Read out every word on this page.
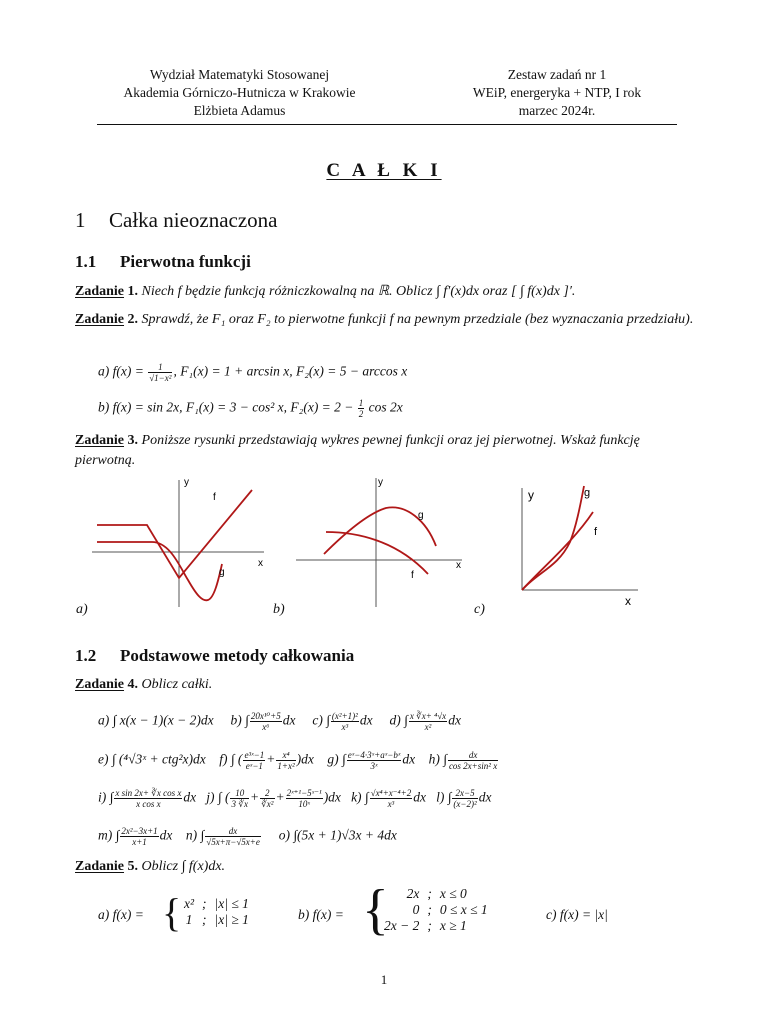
Wydział Matematyki Stosowanej
Akademia Górniczo-Hutnicza w Krakowie
Elżbieta Adamus
Zestaw zadań nr 1
WEiP, energeryka + NTP, I rok
marzec 2024r.
C A Ł K I
1 Całka nieoznaczona
1.1 Pierwotna funkcji
Zadanie 1. Niech f będzie funkcją różniczkowalną na ℝ. Oblicz ∫ f′(x)dx oraz [ ∫ f(x)dx ]′.
Zadanie 2. Sprawdź, że F₁ oraz F₂ to pierwotne funkcji f na pewnym przedziale (bez wyznaczania przedziału).
a) $f(x) = \frac{1}{\text{√1−x²}}$ , F₁(x) = 1 + arcsin x, F₂(x) = 5 − arccos x
b) f(x) = sin 2x, F₁(x) = 3 − cos² x, $F_2(x) = 2 - \frac{1}{2}$ cos 2x
Zadanie 3. Poniższe rysunki przedstawiają wykres pewnej funkcji oraz jej pierwotnej. Wskaż funkcję pierwotną.
y
x
f
g
a)
y
x
g
f
b)
y
x
g
f
c)
1.2 Podstawowe metody całkowania
Zadanie 4. Oblicz całki.
a) ∫ x(x − 1)(x − 2)dx b) ∫ $\frac{\text{20x¹⁰+5}}{\text{x⁶}}$ dx c) ∫ $\frac{\text{(x²+1)²}}{\text{x³}}$ dx d) ∫ $\frac{\text{x ∛x+ ⁴√x}}{\text{x²}}$ dx
e) ∫ (⁴√3ˣ + ctg²x)dx f) ∫ ( $\frac{\text{e³ˣ−1}}{\text{eˣ−1}} + \frac{\text{x⁴}}{\text{1+x²}} )dx$ g) ∫ $\frac{\text{eˣ−4·3ˣ+aˣ−bˣ}}{\text{3ˣ}}$ dx h) ∫ $\frac{dx}{\text{cos 2x+sin² x}}$
i) ∫ $\frac{\text{x sin 2x+ ∛x cos x}}{\text{x cos x}}$ dx j) ∫ ( $\frac{10}{3 ∛x} + \frac{2}{\text{∛x²}} + \frac{\text{2ˣ⁺¹−5ˣ⁻¹}}{\text{10ˣ}} )dx$ k) ∫ $\frac{\text{√x⁴+x⁻⁴+2}}{\text{x³}}$ dx l) ∫ $\frac{2x-5}{\text{(x−2)²}}$ dx
m) ∫ $\frac{\text{2x²−3x+1}}{x+1}$ dx n) ∫ $\frac{dx}{√5x+\pi-√5x+e} o$) ∫(5x + 1)√3x + 4dx
Zadanie 5. Oblicz ∫ f(x)dx.
a) f(x) = { x²	;	|x| ≤ 1
1	;	|x| ≥ 1	b) f(x) = { 2x	;	x ≤ 0
0	;	0 ≤ x ≤ 1
2x − 2	;	x ≥ 1
c) f(x) = |x|
1
